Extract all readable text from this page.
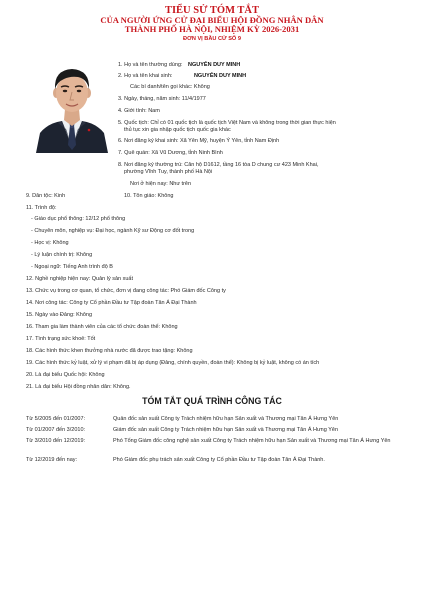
TIỂU SỬ TÓM TẮT
CỦA NGƯỜI ỨNG CỬ ĐẠI BIỂU HỘI ĐỒNG NHÂN DÂN
THÀNH PHỐ HÀ NỘI, NHIỆM KỲ 2026-2031
ĐƠN VỊ BẦU CỬ SỐ 9
1. Họ và tên thường dùng: NGUYỄN DUY MINH
2. Họ và tên khai sinh:	NGUYỄN DUY MINH
Các bí danh/tên gọi khác: Không
3. Ngày, tháng, năm sinh: 11/4/1977
4. Giới tính: Nam
5. Quốc tịch: Chỉ có 01 quốc tịch là quốc tịch Việt Nam và không trong thời gian thực hiện
thủ tục xin gia nhập quốc tịch quốc gia khác
6. Nơi đăng ký khai sinh: Xã Yên Mỹ, huyện Ý Yên, tỉnh Nam Định
7. Quê quán: Xã Vũ Dương, tỉnh Ninh Bình
8. Nơi đăng ký thường trú: Căn hộ D1612, tầng 16 tòa D chung cư 423 Minh Khai,
phường Vĩnh Tuy, thành phố Hà Nội
Nơi ở hiện nay: Như trên
9. Dân tộc: Kinh	10. Tôn giáo: Không
11. Trình độ:
- Giáo dục phổ thông: 12/12 phổ thông
- Chuyên môn, nghiệp vụ: Đại học, ngành Kỹ sư Động cơ đốt trong
- Học vị: Không
- Lý luận chính trị: Không
- Ngoại ngữ: Tiếng Anh trình độ B
12. Nghề nghiệp hiện nay: Quản lý sản xuất
13. Chức vụ trong cơ quan, tổ chức, đơn vị đang công tác: Phó Giám đốc Công ty
14. Nơi công tác: Công ty Cổ phần Đầu tư Tập đoàn Tân Á Đại Thành
15. Ngày vào Đảng: Không
16. Tham gia làm thành viên của các tổ chức đoàn thể: Không
17. Tình trạng sức khoẻ: Tốt
18. Các hình thức khen thưởng nhà nước đã được trao tặng: Không
19. Các hình thức kỷ luật, xử lý vi phạm đã bị áp dụng (Đảng, chính quyền, đoàn thể): Không bị kỷ luật, không có án tích
20. Là đại biểu Quốc hội: Không
21. Là đại biểu Hội đồng nhân dân: Không.
TÓM TẮT QUÁ TRÌNH CÔNG TÁC
Từ 5/2005 đến 01/2007:	Quản đốc sản xuất Công ty Trách nhiệm hữu hạn Sản xuất và Thương mại Tân Á Hưng Yên
Từ 01/2007 đến 3/2010:	Giám đốc sản xuất Công ty Trách nhiệm hữu hạn Sản xuất và Thương mại Tân Á Hưng Yên
Từ 3/2010 đến 12/2019:	Phó Tổng Giám đốc công nghệ sản xuất Công ty Trách nhiệm hữu hạn Sản xuất và Thương mại Tân Á Hưng Yên
Từ 12/2019 đến nay:	Phó Giám đốc phụ trách sản xuất Công ty Cổ phần Đầu tư Tập đoàn Tân Á Đại Thành.
